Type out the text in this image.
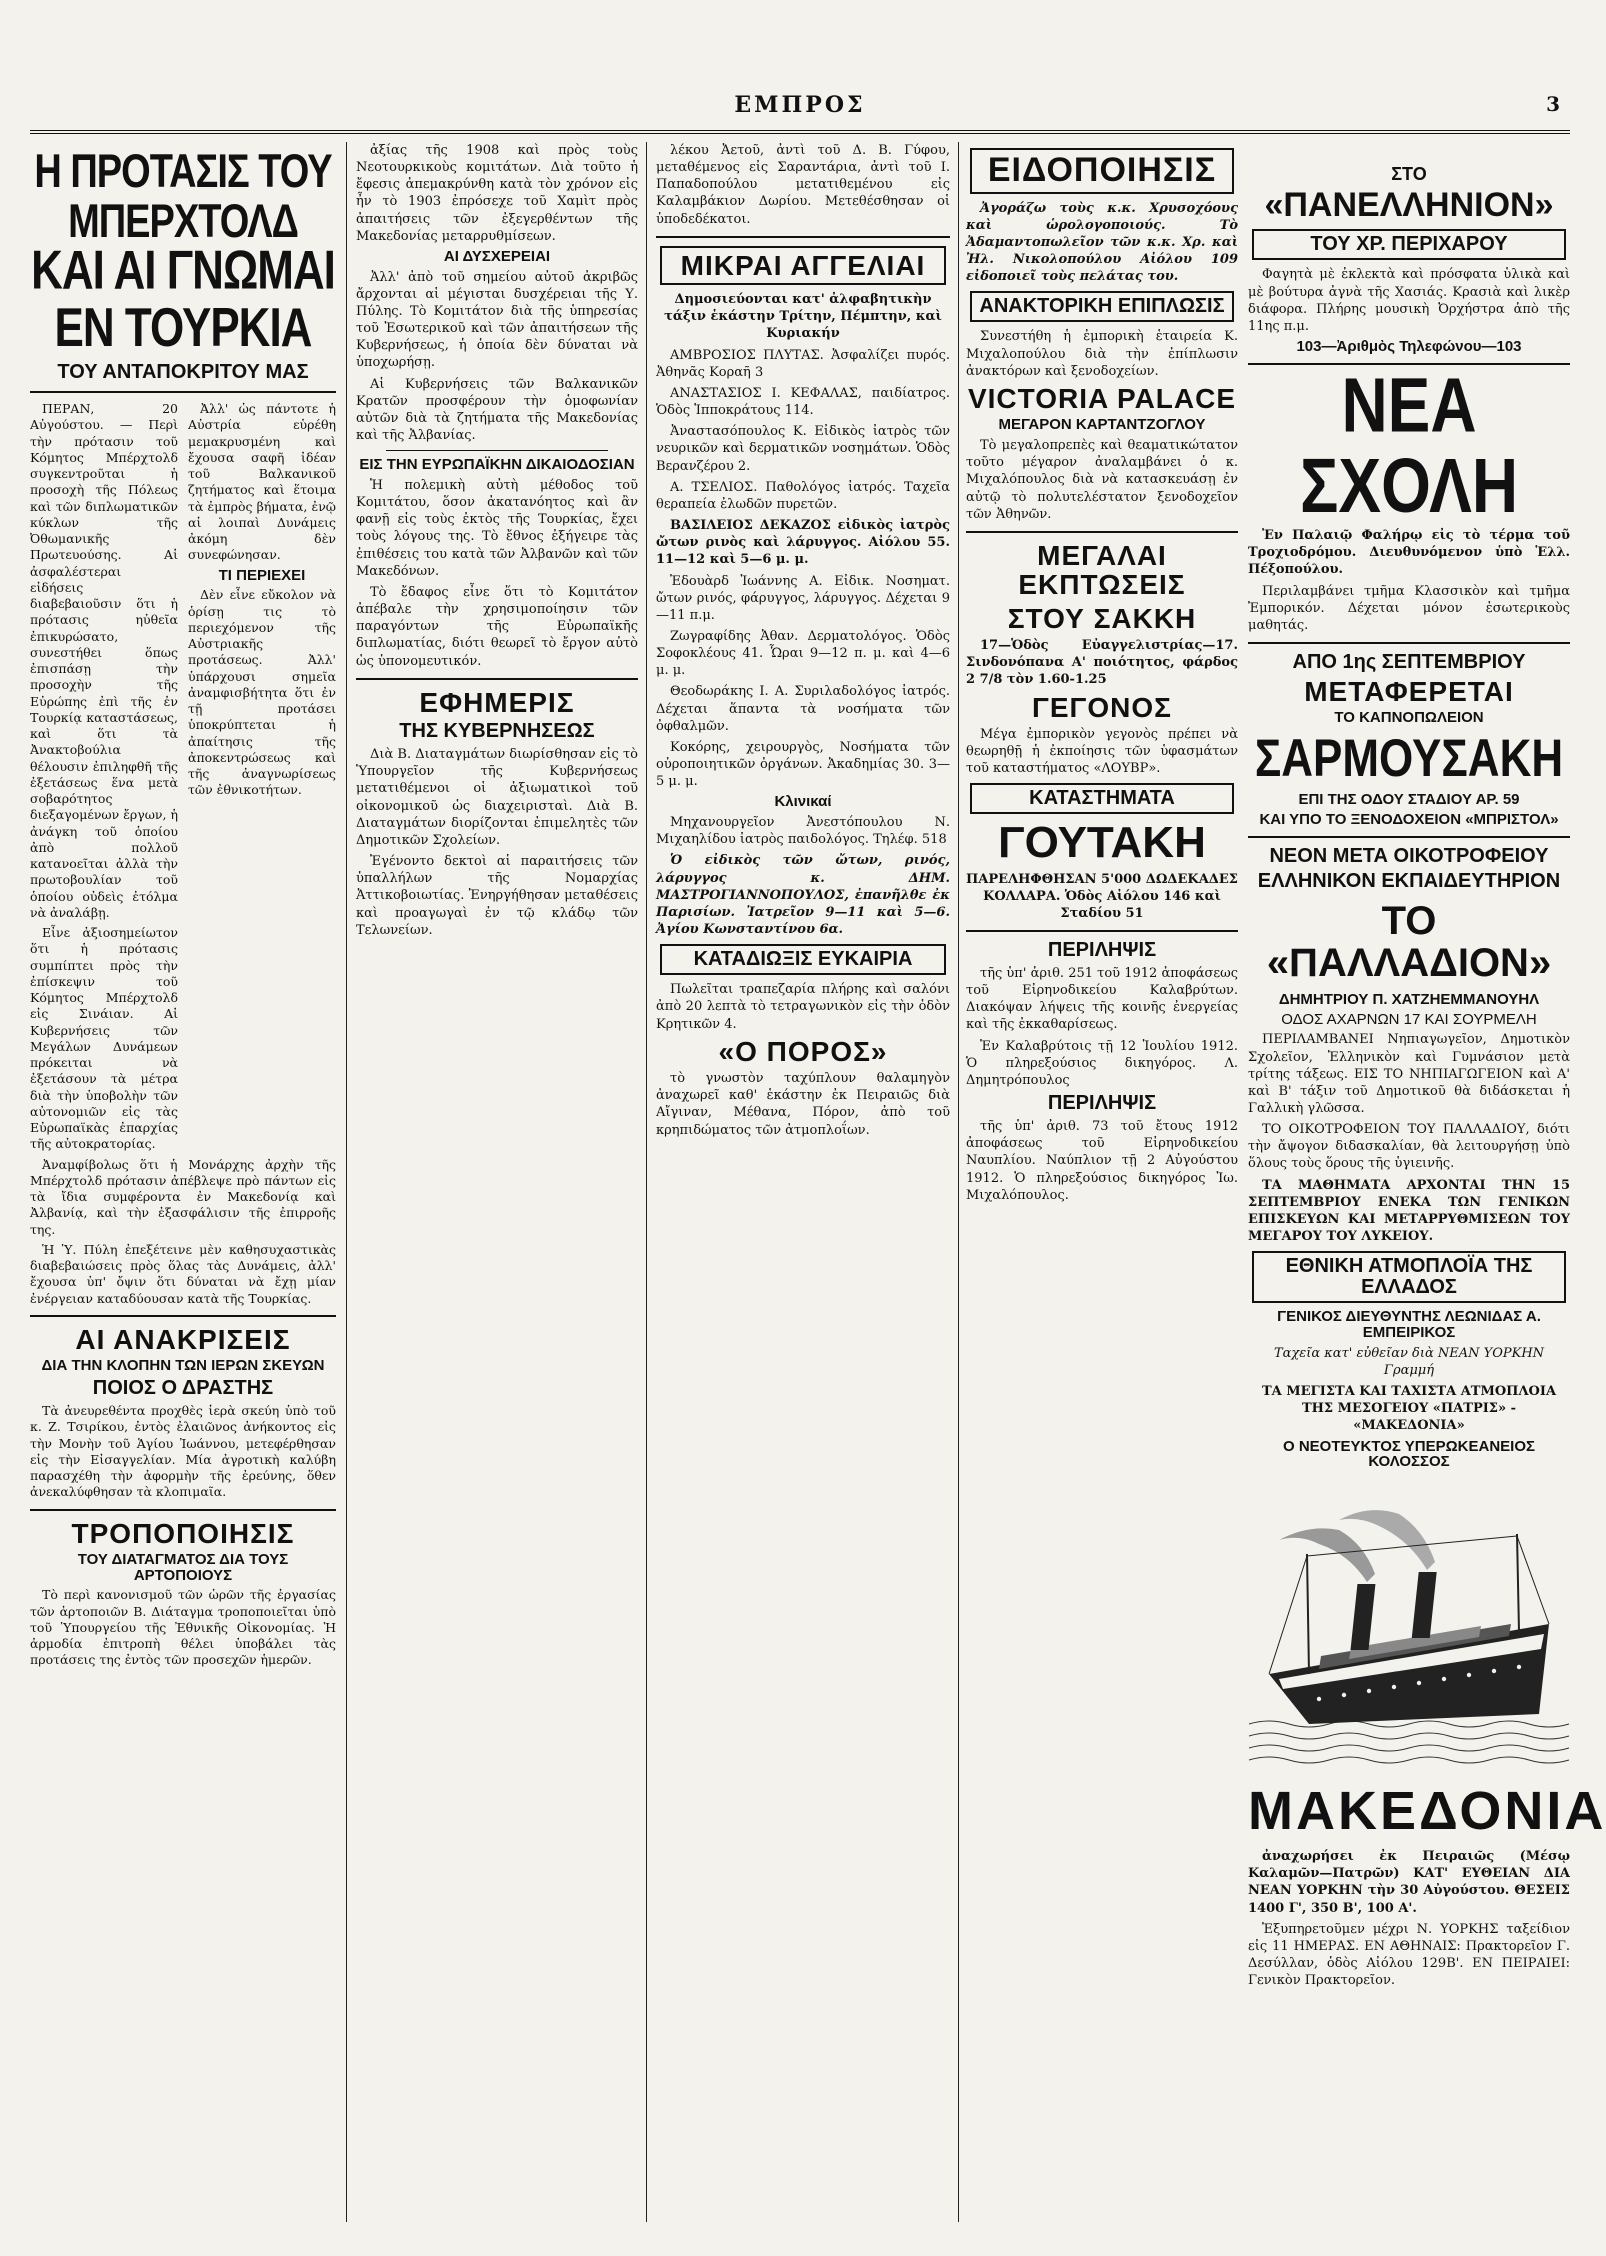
ΕΜΠΡΟΣ	3
Η ΠΡΟΤΑΣΙΣ ΤΟΥ ΜΠΕΡΧΤΟΛΔ
ΚΑΙ ΑΙ ΓΝΩΜΑΙ ΕΝ ΤΟΥΡΚΙΑ
ΤΟΥ ΑΝΤΑΠΟΚΡΙΤΟΥ ΜΑΣ

ΠΕΡΑΝ, 20 Αὐγούστου. — Περὶ τὴν πρότασιν τοῦ Κόμητος Μπέρχτολδ συγκεντροῦται ἡ προσοχὴ τῆς Πόλεως καὶ τῶν διπλωματικῶν κύκλων τῆς Ὀθωμανικῆς Πρωτευούσης. Αἱ ἀσφαλέστεραι εἰδήσεις διαβεβαιοῦσιν ὅτι ἡ πρότασις ηὐθεῖα ἐπικυρώσατο, συνεστήθει ὅπως ἐπισπάσῃ τὴν προσοχὴν τῆς Εὐρώπης ἐπὶ τῆς ἐν Τουρκίᾳ καταστάσεως, καὶ ὅτι τὰ Ἀνακτοβούλια θέλουσιν ἐπιληφθῆ τῆς ἐξετάσεως ἕνα μετὰ σοβαρότητος διεξαγομένων ἔργων, ἡ ἀνάγκη τοῦ ὁποίου ἀπὸ πολλοῦ κατανοεῖται ἀλλὰ τὴν πρωτοβουλίαν τοῦ ὁποίου οὐδεὶς ἐτόλμα νὰ ἀναλάβῃ.

Εἶνε ἀξιοσημείωτον ὅτι ἡ πρότασις συμπίπτει πρὸς τὴν ἐπίσκεψιν τοῦ Κόμητος Μπέρχτολδ εἰς Σινάιαν. Αἱ Κυβερνήσεις τῶν Μεγάλων Δυνάμεων πρόκειται νὰ ἐξετάσουν τὰ μέτρα διὰ τὴν ὑποβολὴν τῶν αὐτονομιῶν εἰς τὰς Εὐρωπαϊκὰς ἐπαρχίας τῆς αὐτοκρατορίας.

Ἀλλ' ὡς πάντοτε ἡ Αὐστρία εὑρέθη μεμακρυσμένη καὶ ἔχουσα σαφῆ ἰδέαν τοῦ Βαλκανικοῦ ζητήματος καὶ ἕτοιμα τὰ ἐμπρὸς βήματα, ἐνῷ αἱ λοιπαὶ Δυνάμεις ἀκόμη δὲν συνεφώνησαν.

ΤΙ ΠΕΡΙΕΧΕΙ

Δὲν εἶνε εὔκολον νὰ ὁρίσῃ τις τὸ περιεχόμενον τῆς Αὐστριακῆς προτάσεως. Ἀλλ' ὑπάρχουσι σημεῖα ἀναμφισβήτητα ὅτι ἐν τῇ προτάσει ὑποκρύπτεται ἡ ἀπαίτησις τῆς ἀποκεντρώσεως καὶ τῆς ἀναγνωρίσεως τῶν ἐθνικοτήτων.

Ἀναμφίβολως ὅτι ἡ Μονάρχης ἀρχὴν τῆς Μπέρχτολδ πρότασιν ἀπέβλεψε πρὸ πάντων εἰς τὰ ἴδια συμφέροντα ἐν Μακεδονίᾳ καὶ Ἀλβανίᾳ, καὶ τὴν ἐξασφάλισιν τῆς ἐπιρροῆς της.

Ἡ Ὑ. Πύλη ἐπεξέτεινε μὲν καθησυχαστικὰς διαβεβαιώσεις πρὸς ὅλας τὰς Δυνάμεις, ἀλλ' ἔχουσα ὑπ' ὄψιν ὅτι δύναται νὰ ἔχῃ μίαν ἐνέργειαν καταδύουσαν κατὰ τῆς Τουρκίας.

ΑΙ ΑΝΑΚΡΙΣΕΙΣ
ΔΙΑ ΤΗΝ ΚΛΟΠΗΝ ΤΩΝ ΙΕΡΩΝ ΣΚΕΥΩΝ
ΠΟΙΟΣ Ο ΔΡΑΣΤΗΣ

Τὰ ἀνευρεθέντα προχθὲς ἱερὰ σκεύη ὑπὸ τοῦ κ. Ζ. Τσιρίκου, ἐντὸς ἐλαιῶνος ἀνήκοντος εἰς τὴν Μονὴν τοῦ Ἁγίου Ἰωάννου, μετεφέρθησαν εἰς τὴν Εἰσαγγελίαν. Μία ἀγροτικὴ καλύβη παρασχέθη τὴν ἀφορμὴν τῆς ἐρεύνης, ὅθεν ἀνεκαλύφθησαν τὰ κλοπιμαῖα.

ΤΡΟΠΟΠΟΙΗΣΙΣ
ΤΟΥ ΔΙΑΤΑΓΜΑΤΟΣ ΔΙΑ ΤΟΥΣ ΑΡΤΟΠΟΙΟΥΣ

Τὸ περὶ κανονισμοῦ τῶν ὡρῶν τῆς ἐργασίας τῶν ἀρτοποιῶν Β. Διάταγμα τροποποιεῖται ὑπὸ τοῦ Ὑπουργείου τῆς Ἐθνικῆς Οἰκονομίας. Ἡ ἀρμοδία ἐπιτροπὴ θέλει ὑποβάλει τὰς προτάσεις της ἐντὸς τῶν προσεχῶν ἡμερῶν.

ἀξίας τῆς 1908 καὶ πρὸς τοὺς Νεοτουρκικοὺς κομιτάτων. Διὰ τοῦτο ἡ ἔφεσις ἀπεμακρύνθη κατὰ τὸν χρόνον εἰς ἦν τὸ 1903 ἐπρόσεχε τοῦ Χαμὶτ πρὸς ἀπαιτήσεις τῶν ἐξεγερθέντων τῆς Μακεδονίας μεταρρυθμίσεων.

ΑΙ ΔΥΣΧΕΡΕΙΑΙ

Ἀλλ' ἀπὸ τοῦ σημείου αὐτοῦ ἀκριβῶς ἄρχονται αἱ μέγισται δυσχέρειαι τῆς Υ. Πύλης. Τὸ Κομιτάτον διὰ τῆς ὑπηρεσίας τοῦ Ἐσωτερικοῦ καὶ τῶν ἀπαιτήσεων τῆς Κυβερνήσεως, ἡ ὁποία δὲν δύναται νὰ ὑποχωρήσῃ.

Αἱ Κυβερνήσεις τῶν Βαλκανικῶν Κρατῶν προσφέρουν τὴν ὁμοφωνίαν αὐτῶν διὰ τὰ ζητήματα τῆς Μακεδονίας καὶ τῆς Ἀλβανίας.

ΕΙΣ ΤΗΝ ΕΥΡΩΠΑΪΚΗΝ ΔΙΚΑΙΟΔΟΣΙΑΝ

Ἡ πολεμικὴ αὐτὴ μέθοδος τοῦ Κομιτάτου, ὅσον ἀκατανόητος καὶ ἂν φανῇ εἰς τοὺς ἐκτὸς τῆς Τουρκίας, ἔχει τοὺς λόγους της. Τὸ ἔθνος ἐξήγειρε τὰς ἐπιθέσεις του κατὰ τῶν Ἀλβανῶν καὶ τῶν Μακεδόνων.

Τὸ ἔδαφος εἶνε ὅτι τὸ Κομιτάτον ἀπέβαλε τὴν χρησιμοποίησιν τῶν παραγόντων τῆς Εὐρωπαϊκῆς διπλωματίας, διότι θεωρεῖ τὸ ἔργον αὐτὸ ὡς ὑπονομευτικόν.

ΕΦΗΜΕΡΙΣ
ΤΗΣ ΚΥΒΕΡΝΗΣΕΩΣ

Διὰ Β. Διαταγμάτων διωρίσθησαν εἰς τὸ Ὑπουργεῖον τῆς Κυβερνήσεως μετατιθέμενοι οἱ ἀξιωματικοὶ τοῦ οἰκονομικοῦ ὡς διαχειρισταὶ. Διὰ Β. Διαταγμάτων διορίζονται ἐπιμελητὲς τῶν Δημοτικῶν Σχολείων.

Ἐγένοντο δεκτοὶ αἱ παραιτήσεις τῶν ὑπαλλήλων τῆς Νομαρχίας Ἀττικοβοιωτίας. Ἐνηργήθησαν μεταθέσεις καὶ προαγωγαὶ ἐν τῷ κλάδῳ τῶν Τελωνείων.

λέκου Ἀετοῦ, ἀντὶ τοῦ Δ. Β. Γύφου, μεταθέμενος εἰς Σαραντάρια, ἀντὶ τοῦ Ι. Παπαδοπούλου μετατιθεμένου εἰς Καλαμβάκιον Δωρίου. Μετεθέσθησαν οἱ ὑποδεδέκατοι.

ΜΙΚΡΑΙ ΑΓΓΕΛΙΑΙ

Δημοσιεύονται κατ' ἀλφαβητικὴν τάξιν ἑκάστην Τρίτην, Πέμπτην, καὶ Κυριακήν

ΑΜΒΡΟΣΙΟΣ ΠΛΥΤΑΣ. Ἀσφαλίζει πυρός. Ἀθηνᾶς Κοραῆ 3

ΑΝΑΣΤΑΣΙΟΣ Ι. ΚΕΦΑΛΑΣ, παιδίατρος. Ὁδὸς Ἱπποκράτους 114.

Ἀναστασόπουλος Κ. Εἰδικὸς ἰατρὸς τῶν νευρικῶν καὶ δερματικῶν νοσημάτων. Ὁδὸς Βερανζέρου 2.

Α. ΤΣΕΛΙΟΣ. Παθολόγος ἰατρός. Ταχεῖα θεραπεία ἐλωδῶν πυρετῶν.

ΒΑΣΙΛΕΙΟΣ ΔΕΚΑΖΟΣ εἰδικὸς ἰατρὸς ὤτων ρινὸς καὶ λάρυγγος. Αἰόλου 55. 11—12 καὶ 5—6 μ. μ.

Ἐδουὰρδ Ἰωάννης Α. Εἰδικ. Νοσηματ. ὤτων ρινός, φάρυγγος, λάρυγγος. Δέχεται 9—11 π.μ.

Ζωγραφίδης Ἀθαν. Δερματολόγος. Ὁδὸς Σοφοκλέους 41. Ὧραι 9—12 π. μ. καὶ 4—6 μ. μ.

Θεοδωράκης Ι. Α. Συριλαδολόγος ἰατρός. Δέχεται ἅπαντα τὰ νοσήματα τῶν ὀφθαλμῶν.

Κοκόρης, χειρουργὸς, Νοσήματα τῶν οὐροποιητικῶν ὀργάνων. Ἀκαδημίας 30. 3—5 μ. μ.

Κλινικαί

Μηχανουργεῖον Ἀνεστόπουλου Ν. Μιχαηλίδου ἰατρὸς παιδολόγος. Τηλέφ. 518

Ὁ εἰδικὸς τῶν ὤτων, ρινός, λάρυγγος κ. ΔΗΜ. ΜΑΣΤΡΟΓΙΑΝΝΟΠΟΥΛΟΣ, ἐπανῆλθε ἐκ Παρισίων. Ἰατρεῖον 9—11 καὶ 5—6. Ἀγίου Κωνσταντίνου 6α.

ΚΑΤΑΔΙΩΞΙΣ ΕΥΚΑΙΡΙΑ

Πωλεῖται τραπεζαρία πλήρης καὶ σαλόνι ἀπὸ 20 λεπτὰ τὸ τετραγωνικὸν εἰς τὴν ὁδὸν Κρητικῶν 4.

«Ο ΠΟΡΟΣ»

τὸ γνωστὸν ταχύπλουν θαλαμηγὸν ἀναχωρεῖ καθ' ἑκάστην ἐκ Πειραιῶς διὰ Αἴγιναν, Μέθανα, Πόρον, ἀπὸ τοῦ κρηπιδώματος τῶν ἀτμοπλοΐων.

ΕΙΔΟΠΟΙΗΣΙΣ

Ἀγοράζω τοὺς κ.κ. Χρυσοχόους καὶ ὡρολογοποιούς. Τὸ Ἀδαμαντοπωλεῖον τῶν κ.κ. Χρ. καὶ Ἠλ. Νικολοπούλου Αἰόλου 109 εἰδοποιεῖ τοὺς πελάτας του.

ΑΝΑΚΤΟΡΙΚΗ ΕΠΙΠΛΩΣΙΣ

Συνεστήθη ἡ ἐμπορικὴ ἑταιρεία Κ. Μιχαλοπούλου διὰ τὴν ἐπίπλωσιν ἀνακτόρων καὶ ξενοδοχείων.

VICTORIA PALACE
ΜΕΓΑΡΟΝ ΚΑΡΤΑΝΤΖΟΓΛΟΥ

Τὸ μεγαλοπρεπὲς καὶ θεαματικώτατον τοῦτο μέγαρον ἀναλαμβάνει ὁ κ. Μιχαλόπουλος διὰ νὰ κατασκευάσῃ ἐν αὐτῷ τὸ πολυτελέστατον ξενοδοχεῖον τῶν Ἀθηνῶν.

ΜΕΓΑΛΑΙ ΕΚΠΤΩΣΕΙΣ
ΣΤΟΥ ΣΑΚΚΗ

17—Ὁδὸς Εὐαγγελιστρίας—17. Σινδονόπανα Α' ποιότητος, φάρδος 2 7/8 τὸν 1.60-1.25

ΓΕΓΟΝΟΣ

Μέγα ἐμπορικὸν γεγονὸς πρέπει νὰ θεωρηθῇ ἡ ἐκποίησις τῶν ὑφασμάτων τοῦ καταστήματος «ΛΟΥΒΡ».

ΚΑΤΑΣΤΗΜΑΤΑ
ΓΟΥΤΑΚΗ

ΠΑΡΕΛΗΦΘΗΣΑΝ 5'000 ΔΩΔΕΚΑΔΕΣ ΚΟΛΛΑΡΑ. Ὁδὸς Αἰόλου 146 καὶ Σταδίου 51

ΠΕΡΙΛΗΨΙΣ

τῆς ὑπ' ἀριθ. 251 τοῦ 1912 ἀποφάσεως τοῦ Εἰρηνοδικείου Καλαβρύτων. Διακόψαν λήψεις τῆς κοινῆς ἐνεργείας καὶ τῆς ἐκκαθαρίσεως.

Ἐν Καλαβρύτοις τῇ 12 Ἰουλίου 1912. Ὁ πληρεξούσιος δικηγόρος. Λ. Δημητρόπουλος

ΠΕΡΙΛΗΨΙΣ

τῆς ὑπ' ἀριθ. 73 τοῦ ἔτους 1912 ἀποφάσεως τοῦ Εἰρηνοδικείου Ναυπλίου. Ναύπλιον τῇ 2 Αὐγούστου 1912. Ὁ πληρεξούσιος δικηγόρος Ἰω. Μιχαλόπουλος.

ΣΤΟ «ΠΑΝΕΛΛΗΝΙΟΝ»
ΤΟΥ ΧΡ. ΠΕΡΙΧΑΡΟΥ

Φαγητὰ μὲ ἐκλεκτὰ καὶ πρόσφατα ὑλικὰ καὶ μὲ βούτυρα ἀγνὰ τῆς Χασιάς. Κρασιὰ καὶ λικὲρ διάφορα. Πλήρης μουσικὴ Ὀρχήστρα ἀπὸ τῆς 11ης π.μ.

103—Ἀριθμὸς Τηλεφώνου—103
ΝΕΑ ΣΧΟΛΗ

Ἐν Παλαιῷ Φαλήρῳ εἰς τὸ τέρμα τοῦ Τροχιοδρόμου. Διευθυνόμενον ὑπὸ Ἑλλ. Πέξοπούλου.

Περιλαμβάνει τμῆμα Κλασσικὸν καὶ τμῆμα Ἐμπορικόν. Δέχεται μόνον ἐσωτερικοὺς μαθητάς.

ΑΠΟ 1ης ΣΕΠΤΕΜΒΡΙΟΥ
ΜΕΤΑΦΕΡΕΤΑΙ
ΤΟ ΚΑΠΝΟΠΩΛΕΙΟΝ
ΣΑΡΜΟΥΣΑΚΗ
ΕΠΙ ΤΗΣ ΟΔΟΥ ΣΤΑΔΙΟΥ ΑΡ. 59
ΚΑΙ ΥΠΟ ΤΟ ΞΕΝΟΔΟΧΕΙΟΝ «ΜΠΡΙΣΤΟΛ»
ΝΕΟΝ ΜΕΤΑ ΟΙΚΟΤΡΟΦΕΙΟΥ
ΕΛΛΗΝΙΚΟΝ ΕΚΠΑΙΔΕΥΤΗΡΙΟΝ
ΤΟ «ΠΑΛΛΑΔΙΟΝ»
ΔΗΜΗΤΡΙΟΥ Π. ΧΑΤΖΗΕΜΜΑΝΟΥΗΛ
ΟΔΟΣ ΑΧΑΡΝΩΝ 17 ΚΑΙ ΣΟΥΡΜΕΛΗ

ΠΕΡΙΛΑΜΒΑΝΕΙ Νηπιαγωγεῖον, Δημοτικὸν Σχολεῖον, Ἑλληνικὸν καὶ Γυμνάσιον μετὰ τρίτης τάξεως. ΕΙΣ ΤΟ ΝΗΠΙΑΓΩΓΕΙΟΝ καὶ Α' καὶ Β' τάξιν τοῦ Δημοτικοῦ θὰ διδάσκεται ἡ Γαλλικὴ γλῶσσα.

ΤΟ ΟΙΚΟΤΡΟΦΕΙΟΝ ΤΟΥ ΠΑΛΛΑΔΙΟΥ, διότι τὴν ἄψογον διδασκαλίαν, θὰ λειτουργήσῃ ὑπὸ ὅλους τοὺς ὅρους τῆς ὑγιεινῆς.

ΤΑ ΜΑΘΗΜΑΤΑ ΑΡΧΟΝΤΑΙ ΤΗΝ 15 ΣΕΠΤΕΜΒΡΙΟΥ ΕΝΕΚΑ ΤΩΝ ΓΕΝΙΚΩΝ ΕΠΙΣΚΕΥΩΝ ΚΑΙ ΜΕΤΑΡΡΥΘΜΙΣΕΩΝ ΤΟΥ ΜΕΓΑΡΟΥ ΤΟΥ ΛΥΚΕΙΟΥ.

ΕΘΝΙΚΗ ΑΤΜΟΠΛΟΪΑ ΤΗΣ ΕΛΛΑΔΟΣ
ΓΕΝΙΚΟΣ ΔΙΕΥΘΥΝΤΗΣ ΛΕΩΝΙΔΑΣ Α. ΕΜΠΕΙΡΙΚΟΣ

Ταχεῖα κατ' εὐθεῖαν διὰ ΝΕΑΝ ΥΟΡΚΗΝ Γραμμή

ΤΑ ΜΕΓΙΣΤΑ ΚΑΙ ΤΑΧΙΣΤΑ ΑΤΜΟΠΛΟΙΑ ΤΗΣ ΜΕΣΟΓΕΙΟΥ «ΠΑΤΡΙΣ» - «ΜΑΚΕΔΟΝΙΑ»

Ο ΝΕΟΤΕΥΚΤΟΣ ΥΠΕΡΩΚΕΑΝΕΙΟΣ ΚΟΛΟΣΣΟΣ
ΜΑΚΕΔΟΝΙΑ

ἀναχωρήσει ἐκ Πειραιῶς (Μέσῳ Καλαμῶν—Πατρῶν) ΚΑΤ' ΕΥΘΕΙΑΝ ΔΙΑ ΝΕΑΝ ΥΟΡΚΗΝ τὴν 30 Αὐγούστου. ΘΕΣΕΙΣ 1400 Γ', 350 Β', 100 Α'.

Ἐξυπηρετοῦμεν μέχρι Ν. ΥΟΡΚΗΣ ταξείδιον εἰς 11 ΗΜΕΡΑΣ. ΕΝ ΑΘΗΝΑΙΣ: Πρακτορεῖον Γ. Δεσύλλαν, ὁδὸς Αἰόλου 129Β'. ΕΝ ΠΕΙΡΑΙΕΙ: Γενικὸν Πρακτορεῖον.
